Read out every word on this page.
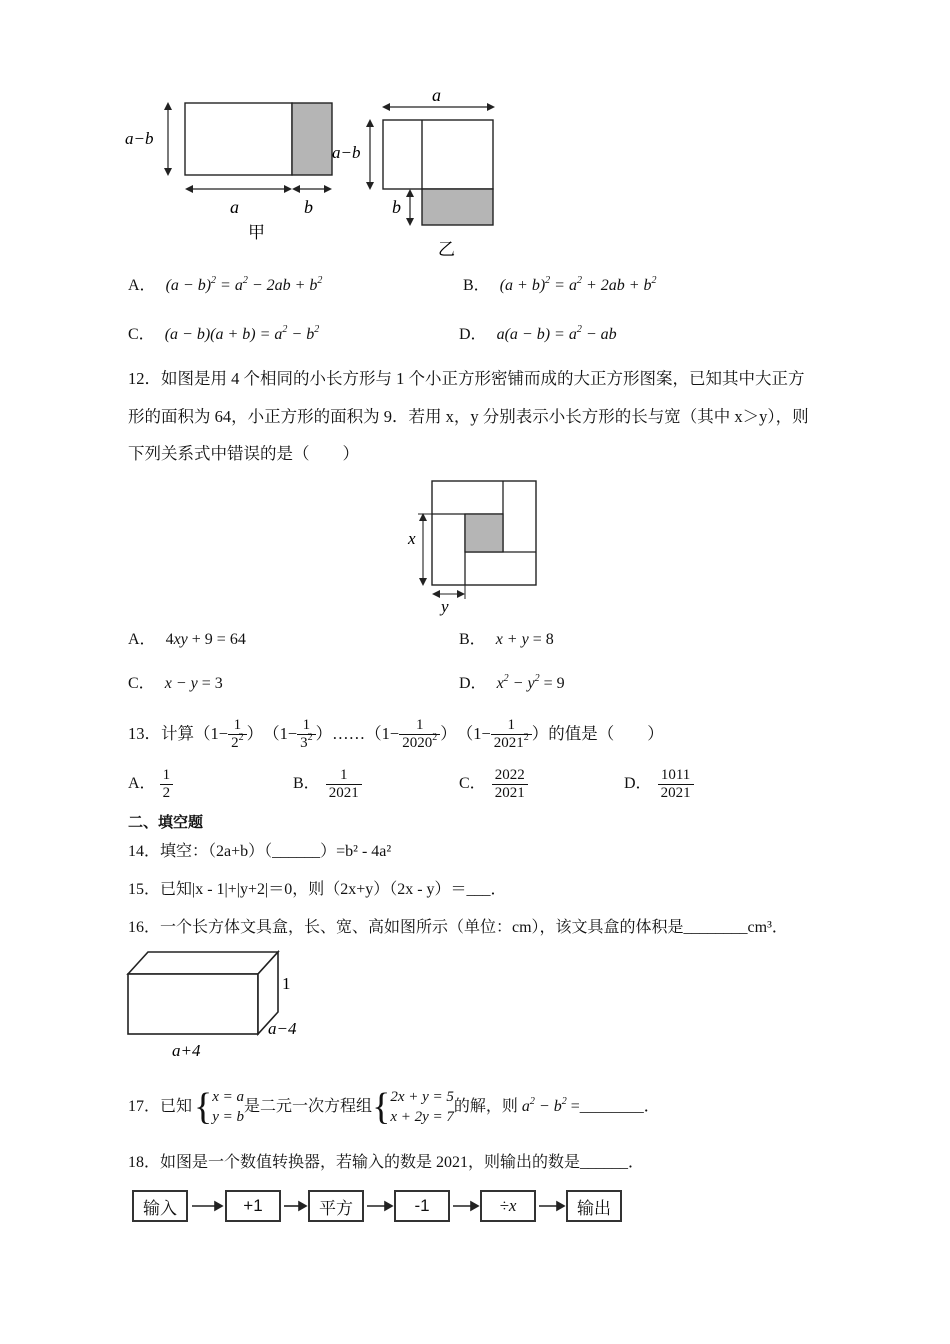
a−b
a	b
甲
a
a−b
b
乙
A． $(a - b)^2 = a^2 - 2ab + b^2$	B． $(a + b)^2 = a^2 + 2ab + b^2$
C． $(a - b)(a + b) = a^2 - b^2$	D． $a(a - b) = a^2$ − ab
12．如图是用 4 个相同的小长方形与 1 个小正方形密铺而成的大正方形图案，已知其中大正方
形的面积为 64，小正方形的面积为 9．若用 x，y 分别表示小长方形的长与宽（其中 x＞y），则
下列关系式中错误的是（　　）
x
y
A． 4xy + 9 = 64	B． x + y = 8
C． x − y = 3	D． $x^2 - y^2 = 9$
13．计算 （ $1 - \frac{1}{2^2}$ ） （ $1 - \frac{1}{3^2}$ ） …… （ $1 - \frac{1}{2020^2}$ ） （ $1 - \frac{1}{2021^2}$ ） 的值是（　　）
A． $\frac{1}{2}$	B． $\frac{1}{2021}$	C． $\frac{2022}{2021}$	D． $\frac{1011}{2021}$
二、填空题
14．填空：（2a+b）（______）=b² - 4a²
15．已知|x - 1|+|y+2|＝0，则（2x+y）（2x - y）＝___．
16．一个长方体文具盒，长、宽、高如图所示（单位：cm），该文具盒的体积是________cm³．
1
a−4
a+4
17．已知 { x = a
y = b
是二元一次方程组 { 2x + y = 5
x + 2y = 7
的解，则 $a^2 - b^2$ = ________．
18．如图是一个数值转换器，若输入的数是 2021，则输出的数是______．
输入	+1	平方	-1	÷x	输出
